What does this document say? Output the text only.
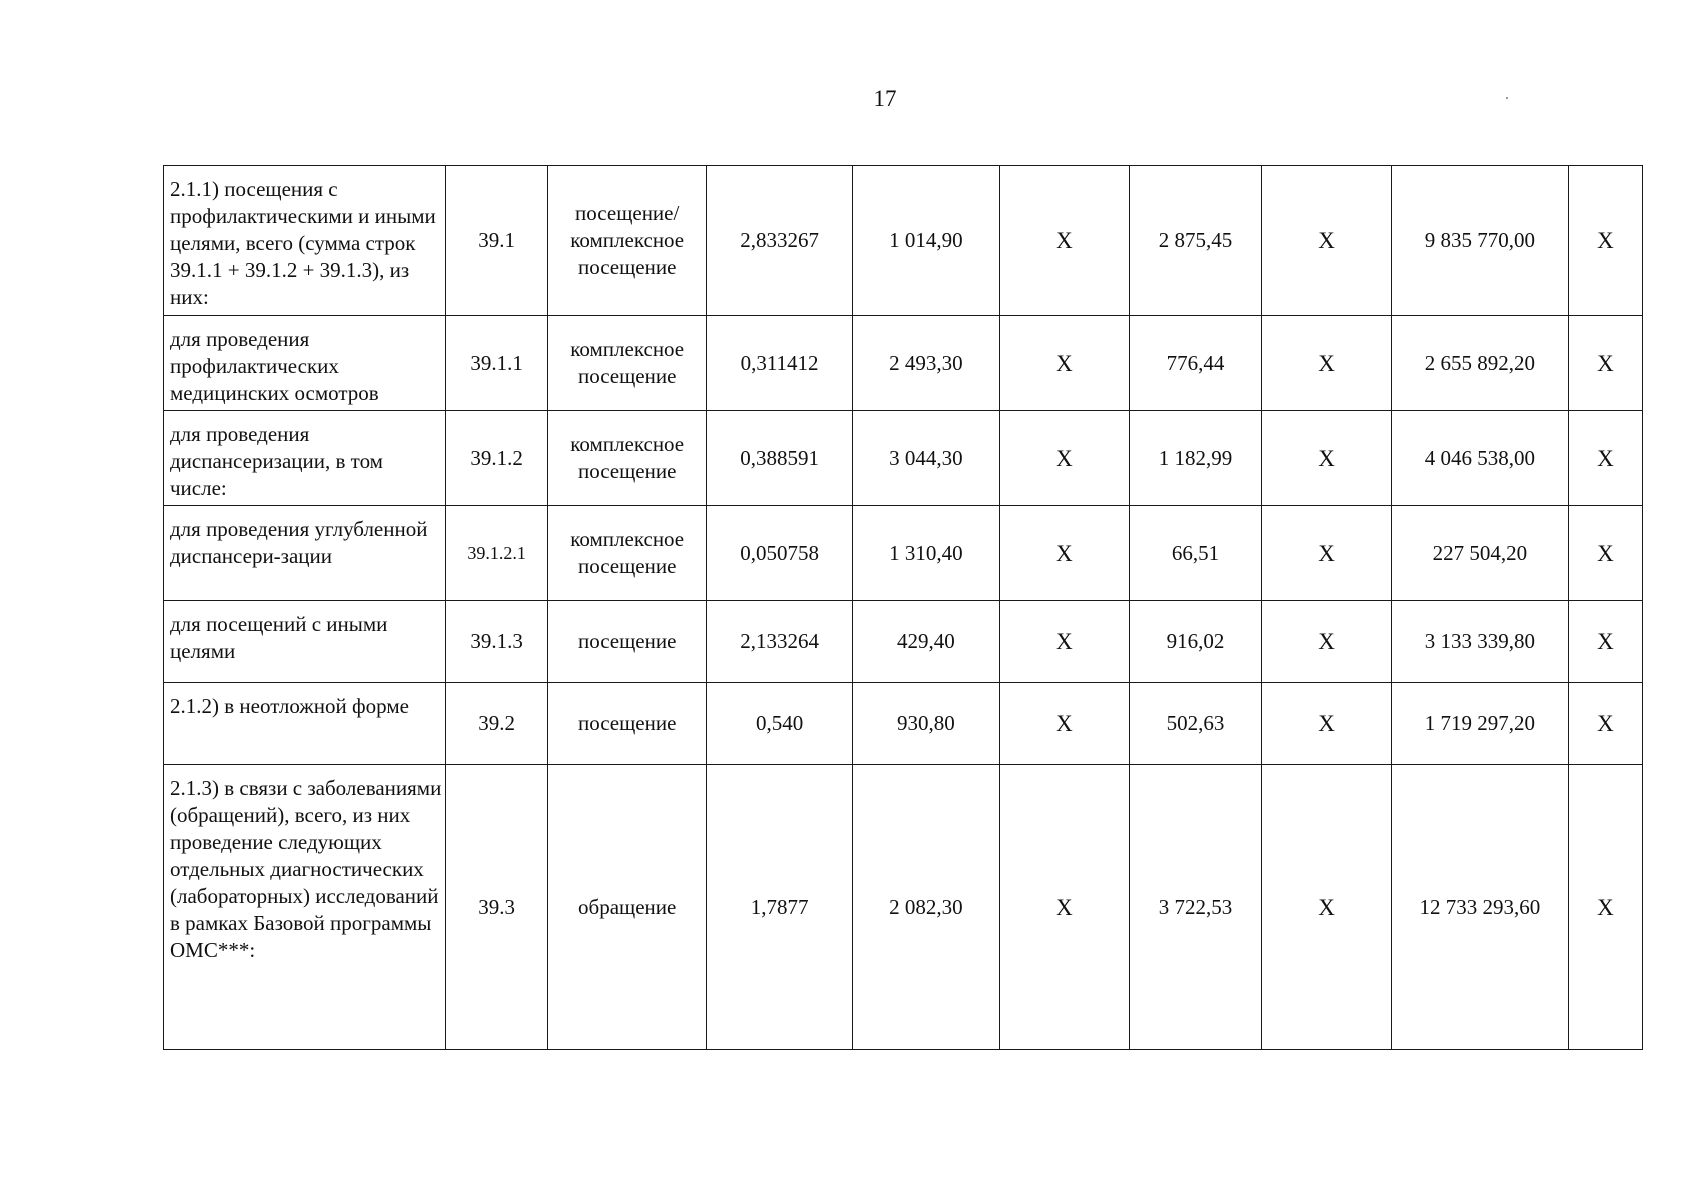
17
2.1.1) посещения с профилактическими и иными целями, всего (сумма строк 39.1.1 + 39.1.2 + 39.1.3), из них:	39.1	посещение/ комплексное посещение	2,833267	1 014,90	X	2 875,45	X	9 835 770,00	X
для проведения профилактических медицинских осмотров	39.1.1	комплексное посещение	0,311412	2 493,30	X	776,44	X	2 655 892,20	X
для проведения диспансеризации, в том числе:	39.1.2	комплексное посещение	0,388591	3 044,30	X	1 182,99	X	4 046 538,00	X
для проведения углубленной диспансери-зации	39.1.2.1	комплексное посещение	0,050758	1 310,40	X	66,51	X	227 504,20	X
для посещений с иными целями	39.1.3	посещение	2,133264	429,40	X	916,02	X	3 133 339,80	X
2.1.2) в неотложной форме	39.2	посещение	0,540	930,80	X	502,63	X	1 719 297,20	X
2.1.3) в связи с заболеваниями (обращений), всего, из них проведение следующих отдельных диагностических (лабораторных) исследований в рамках Базовой программы ОМС***:	39.3	обращение	1,7877	2 082,30	X	3 722,53	X	12 733 293,60	X
